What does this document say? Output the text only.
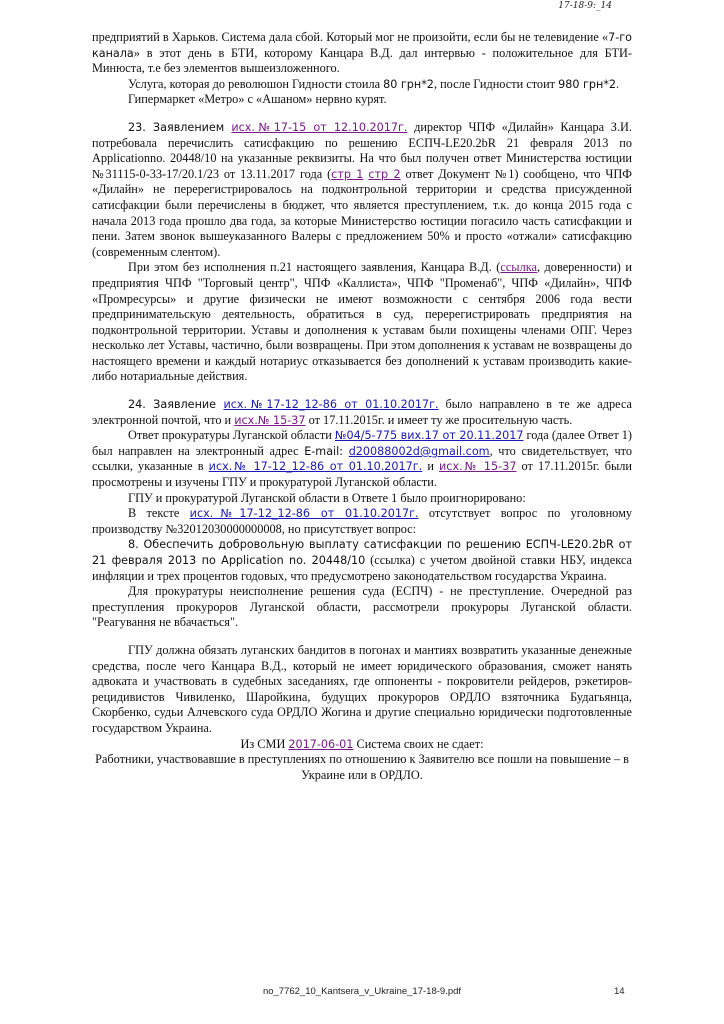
17-18-9:_14

предприятий в Харьков. Система дала сбой. Который мог не произойти, если бы не телевидение «7-го канала» в этот день в БТИ, которому Канцара В.Д. дал интервью - положительное для БТИ-Минюста, т.е без элементов вышеизложенного.

Услуга, которая до революшон Гидности стоила 80 грн*2, после Гидности стоит 980 грн*2.

Гипермаркет «Метро» с «Ашаном» нервно курят.

23. Заявлением исх.№17-15 от 12.10.2017г. директор ЧПФ «Дилайн» Канцара З.И. потребовала перечислить сатисфакцию по решению ЕСПЧ-LE20.2bR 21 февраля 2013 по Applicationno. 20448/10 на указанные реквизиты. На что был получен ответ Министерства юстиции №31115-0-33-17/20.1/23 от 13.11.2017 года (стр 1 стр 2 ответ Документ №1) сообщено, что ЧПФ «Дилайн» не перерегистрировалось на подконтрольной территории и средства присужденной сатисфакции были перечислены в бюджет, что является преступлением, т.к. до конца 2015 года с начала 2013 года прошло два года, за которые Министерство юстиции погасило часть сатисфакции и пени. Затем звонок вышеуказанного Валеры с предложением 50% и просто «отжали» сатисфакцию (современным слентом).

При этом без исполнения п.21 настоящего заявления, Канцара В.Д. (ссылка, доверенности) и предприятия ЧПФ "Торговый центр", ЧПФ «Каллиста», ЧПФ "Променаб", ЧПФ «Дилайн», ЧПФ «Промресурсы» и другие физически не имеют возможности с сентября 2006 года вести предпринимательскую деятельность, обратиться в суд, перерегистрировать предприятия на подконтрольной территории. Уставы и дополнения к уставам были похищены членами ОПГ. Через несколько лет Уставы, частично, были возвращены. При этом дополнения к уставам не возвращены до настоящего времени и каждый нотариус отказывается без дополнений к уставам производить какие-либо нотариальные действия.

24. Заявление исх.№17-12_12-86 от 01.10.2017г. было направлено в те же адреса электронной почтой, что и исх.№ 15-37 от 17.11.2015г. и имеет ту же просительную часть.

Ответ прокуратуры Луганской области №04/5-775 вих.17 от 20.11.2017 года (далее Ответ 1) был направлен на электронный адрес E-mail: d20088002d@gmail.com, что свидетельствует, что ссылки, указанные в исх.№ 17-12_12-86 от 01.10.2017г. и исх.№ 15-37 от 17.11.2015г. были просмотрены и изучены ГПУ и прокуратурой Луганской области.

ГПУ и прокуратурой Луганской области в Ответе 1 было проигнорировано:

В тексте исх.№17-12_12-86 от 01.10.2017г. отсутствует вопрос по уголовному производству №32012030000000008, но присутствует вопрос:

8. Обеспечить добровольную выплату сатисфакции по решению ЕСПЧ-LE20.2bR от 21 февраля 2013 по Application no. 20448/10 (ссылка) с учетом двойной ставки НБУ, индекса инфляции и трех процентов годовых, что предусмотрено законодательством государства Украина.

Для прокуратуры неисполнение решения суда (ЕСПЧ) - не преступление. Очередной раз преступления прокуроров Луганской области, рассмотрели прокуроры Луганской области. "Реагування не вбачається".

ГПУ должна обязать луганских бандитов в погонах и мантиях возвратить указанные денежные средства, после чего Канцара В.Д., который не имеет юридического образования, сможет нанять адвоката и участвовать в судебных заседаниях, где оппоненты - покровители рейдеров, рэкетиров-рецидивистов Чивиленко, Шаройкина, будущих прокуроров ОРДЛО взяточника Будагьянца, Скорбенко, судьи Алчевского суда ОРДЛО Жогина и другие специально юридически подготовленные государством Украина.

Из СМИ 2017-06-01 Система своих не сдает:

Работники, участвовавшие в преступлениях по отношению к Заявителю все пошли на повышение – в Украине или в ОРДЛО.

no_7762_10_Kantsera_v_Ukraine_17-18-9.pdf	14
